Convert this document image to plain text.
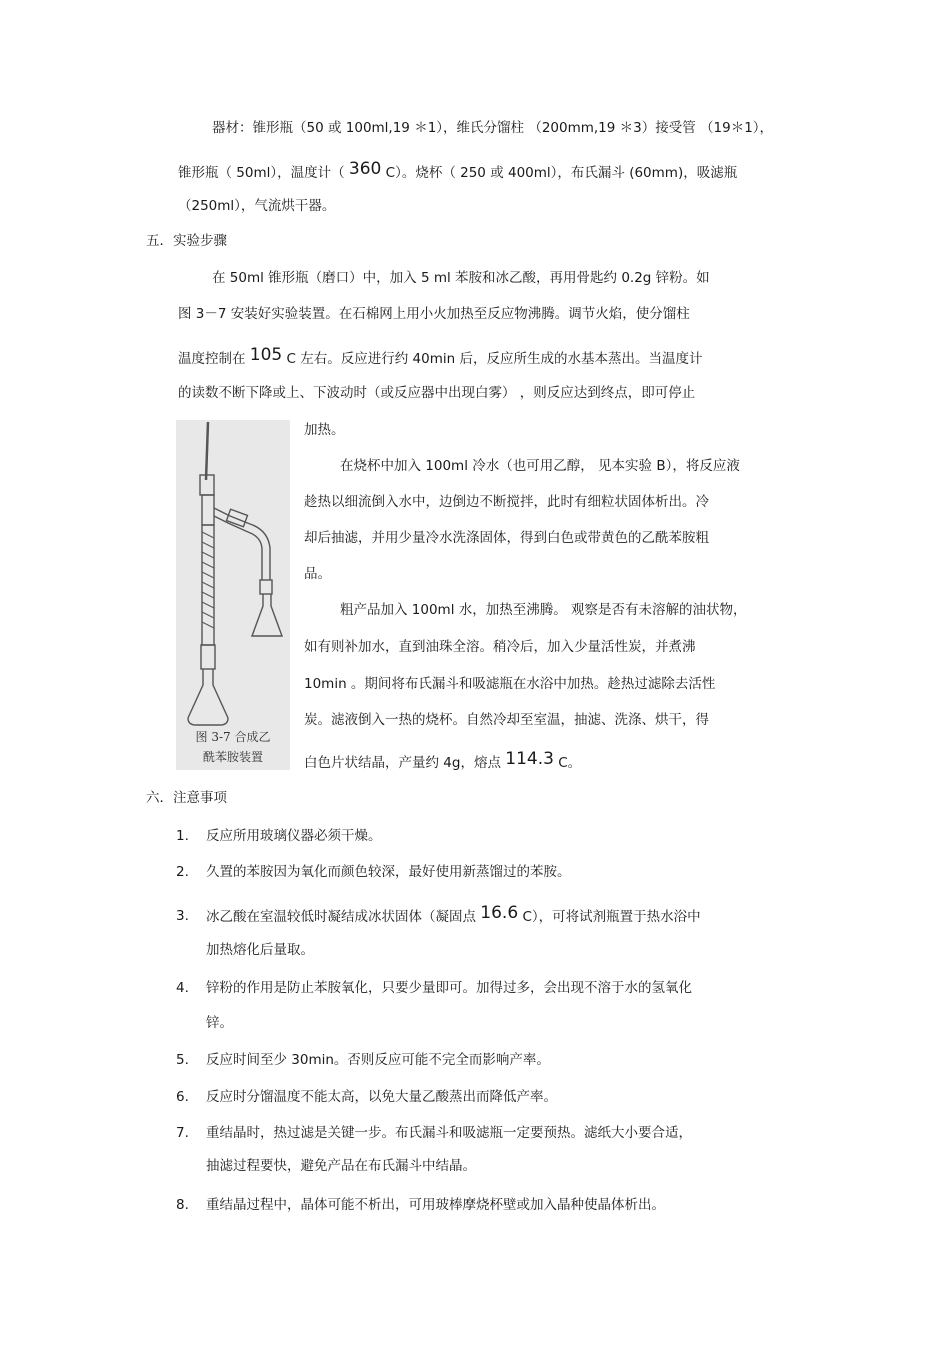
器材：锥形瓶（50 或 100ml,19 ＊1），维氏分馏柱 （200mm,19 ＊3）接受管 （19＊1），
锥形瓶（ 50ml），温度计（ 360 C）。烧杯（ 250 或 400ml），布氏漏斗 (60mm)，吸滤瓶
（250ml），气流烘干器。
五．实验步骤
在 50ml 锥形瓶（磨口）中，加入 5 ml 苯胺和冰乙酸，再用骨匙约 0.2g 锌粉。如
图 3－7 安装好实验装置。在石棉网上用小火加热至反应物沸腾。调节火焰，使分馏柱
温度控制在 105 C 左右。反应进行约 40min 后，反应所生成的水基本蒸出。当温度计
的读数不断下降或上、下波动时（或反应器中出现白雾） ，则反应达到终点，即可停止
加热。
在烧杯中加入 100ml 冷水（也可用乙醇， 见本实验 B），将反应液
趁热以细流倒入水中，边倒边不断搅拌，此时有细粒状固体析出。冷
却后抽滤，并用少量冷水洗涤固体，得到白色或带黄色的乙酰苯胺粗
品。
粗产品加入 100ml 水，加热至沸腾。 观察是否有未溶解的油状物，
如有则补加水，直到油珠全溶。稍冷后，加入少量活性炭，并煮沸
10min 。期间将布氏漏斗和吸滤瓶在水浴中加热。趁热过滤除去活性
炭。滤液倒入一热的烧杯。自然冷却至室温，抽滤、洗涤、烘干，得
白色片状结晶，产量约 4g，熔点 114.3 C。
图 3-7 合成乙
酰苯胺装置
六．注意事项
1. 反应所用玻璃仪器必须干燥。
2. 久置的苯胺因为氧化而颜色较深，最好使用新蒸馏过的苯胺。
3. 冰乙酸在室温较低时凝结成冰状固体（凝固点 16.6 C），可将试剂瓶置于热水浴中
加热熔化后量取。
4. 锌粉的作用是防止苯胺氧化，只要少量即可。加得过多，会出现不溶于水的氢氧化
锌。
5. 反应时间至少 30min。否则反应可能不完全而影响产率。
6. 反应时分馏温度不能太高，以免大量乙酸蒸出而降低产率。
7. 重结晶时，热过滤是关键一步。布氏漏斗和吸滤瓶一定要预热。滤纸大小要合适，
抽滤过程要快，避免产品在布氏漏斗中结晶。
8. 重结晶过程中，晶体可能不析出，可用玻棒摩烧杯壁或加入晶种使晶体析出。
